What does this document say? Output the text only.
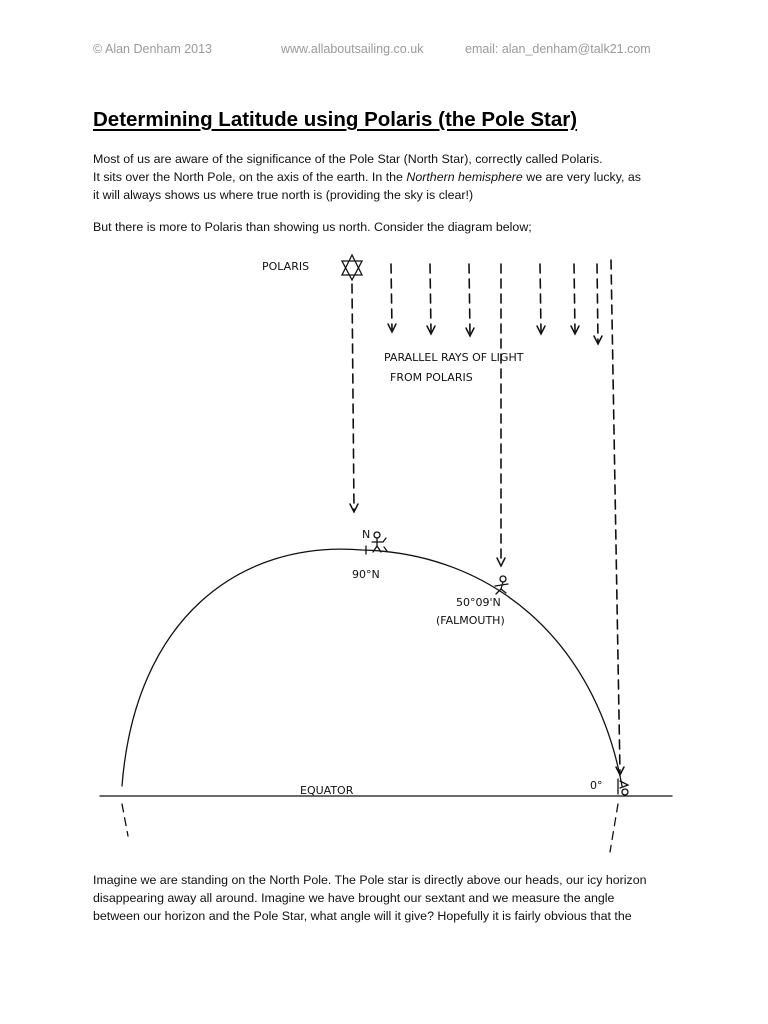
© Alan Denham 2013	www.allaboutsailing.co.uk	email: alan_denham@talk21.com
Determining Latitude using Polaris (the Pole Star)

Most of us are aware of the significance of the Pole Star (North Star), correctly called Polaris.
It sits over the North Pole, on the axis of the earth. In the Northern hemisphere we are very lucky, as
it will always shows us where true north is (providing the sky is clear!)

But there is more to Polaris than showing us north. Consider the diagram below;

POLARIS
PARALLEL RAYS OF LIGHT
FROM POLARIS
EQUATOR
N
90°N
50°09'N
(FALMOUTH)
0°

Imagine we are standing on the North Pole. The Pole star is directly above our heads, our icy horizon
disappearing away all around. Imagine we have brought our sextant and we measure the angle
between our horizon and the Pole Star, what angle will it give? Hopefully it is fairly obvious that the
